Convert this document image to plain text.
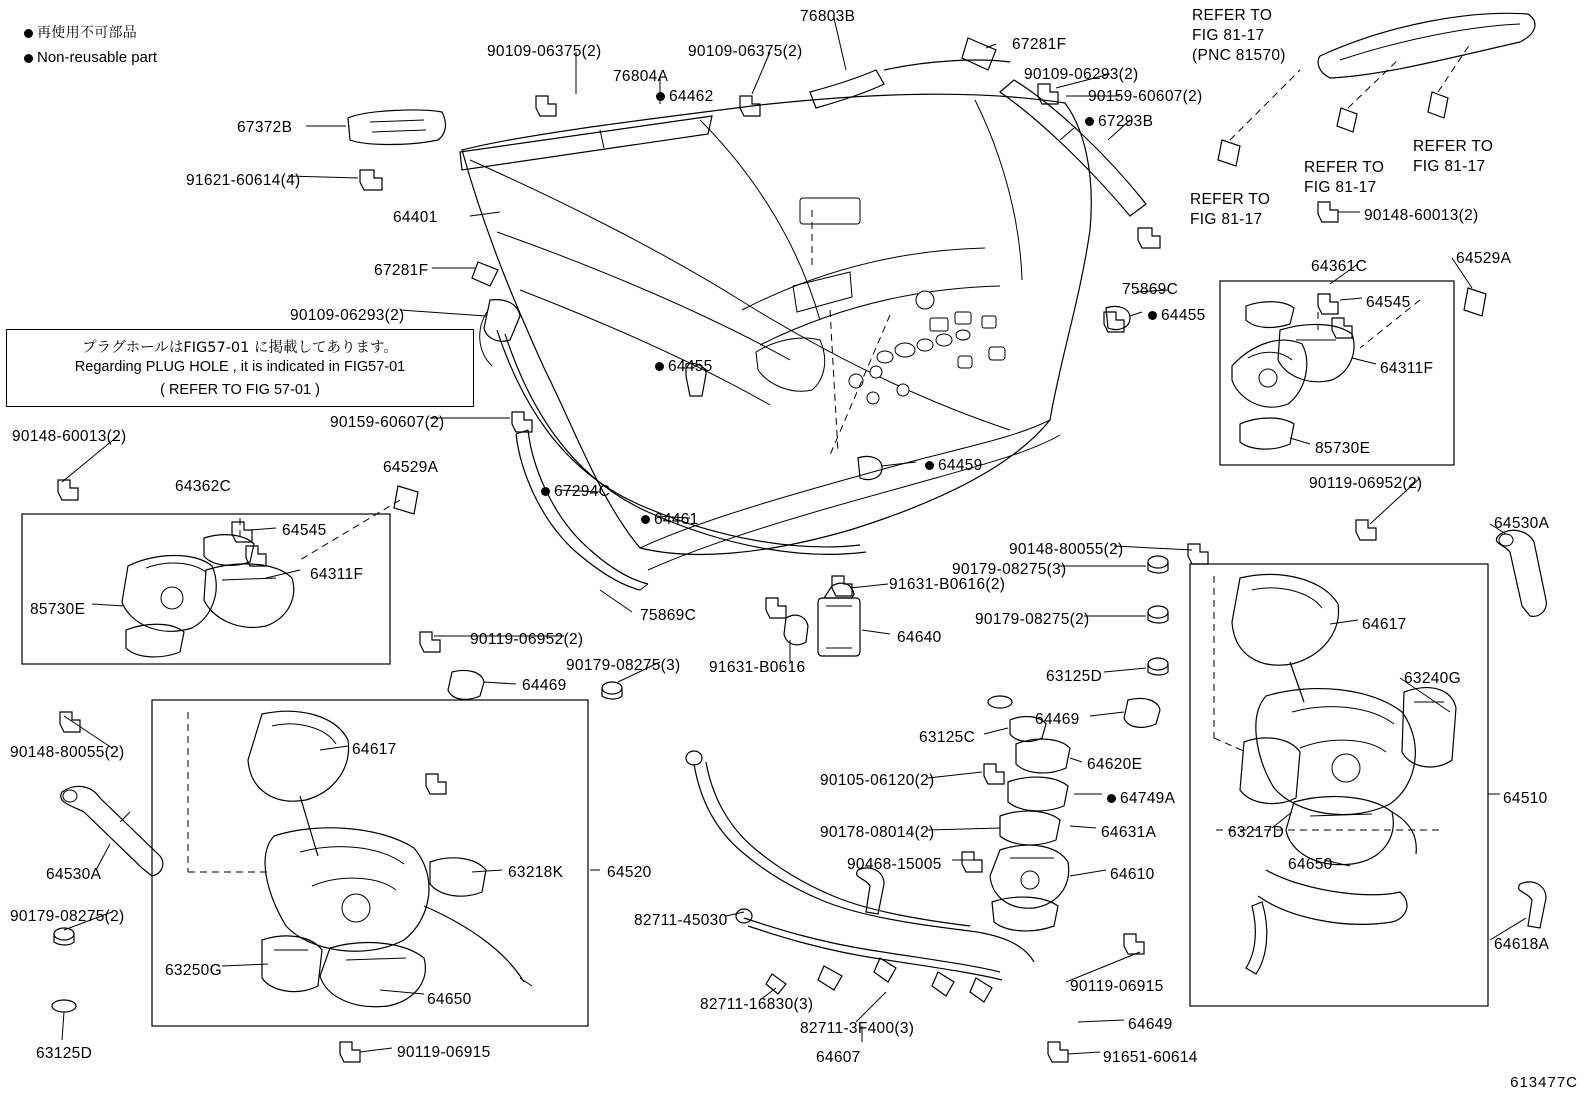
再使用不可部品
Non-reusable part
プラグホールはFIG57-01 に掲載してあります。
Regarding PLUG HOLE , it is indicated in FIG57-01
( REFER TO FIG 57-01 )
REFER TO
FIG 81-17
(PNC 81570)
REFER TO
FIG 81-17
REFER TO
FIG 81-17
REFER TO
FIG 81-17
76803B
90109-06375(2)	90109-06375(2)	67281F
76804A	90109-06293(2)
64462	90159-60607(2)
67293B
67372B
91621-60614(4)
64401
67281F
90109-06293(2)
75869C
64455
64455
90159-60607(2)
90148-60013(2)
64459
64529A
64362C	67294C
64461
64545
64311F
85730E	75869C
91631-B0616(2)
64640
91631-B0616
90119-06952(2)
90179-08275(3)
64469
64617
90148-80055(2)
64530A
90179-08275(2)
63218K	64520
63250G
64650
63125D	90119-06915
82711-45030
82711-16830(3)
82711-3F400(3)
64607
90148-80055(2)
90179-08275(3)
90179-08275(2)
63125D
63125C
64469
90105-06120(2)
64620E
64749A
90178-08014(2)	64631A
90468-15005
64610
90119-06915
64649
91651-60614
90119-06952(2)
64530A
64617
63240G
63217D
64650
64510
64618A
64361C	64529A
64545
64311F
85730E
90148-60013(2)
613477C
